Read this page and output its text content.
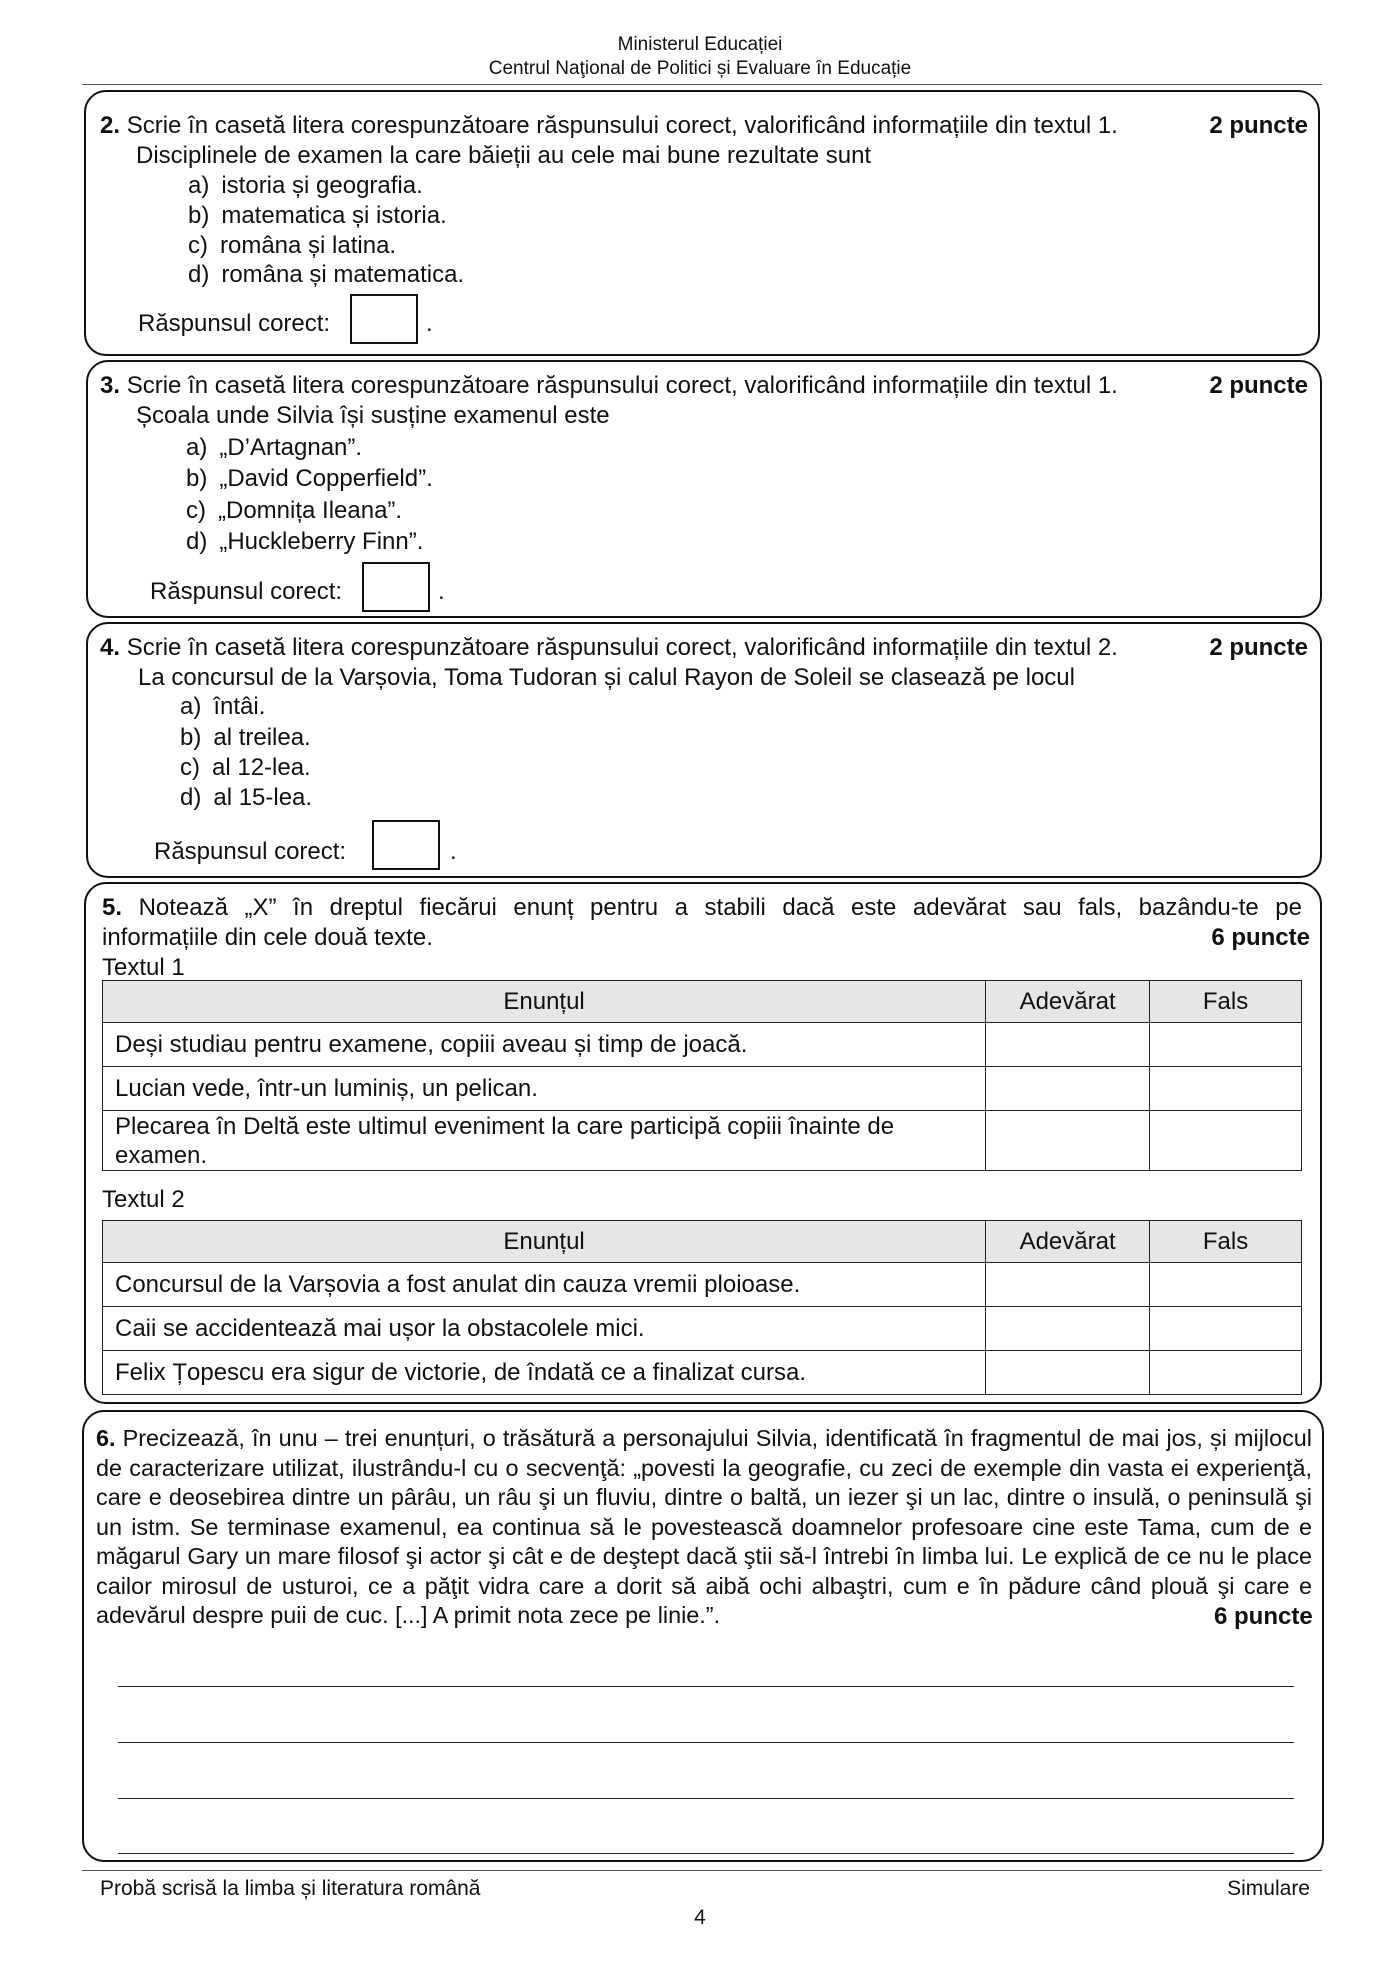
Ministerul Educației
Centrul Naţional de Politici și Evaluare în Educație
2. Scrie în casetă litera corespunzătoare răspunsului corect, valorificând informațiile din textul 1.	2 puncte
Disciplinele de examen la care băieții au cele mai bune rezultate sunt
a) istoria și geografia.
b) matematica și istoria.
c) româna și latina.
d) româna și matematica.
Răspunsul corect:	.
3. Scrie în casetă litera corespunzătoare răspunsului corect, valorificând informațiile din textul 1.	2 puncte
Școala unde Silvia își susține examenul este
a) „D’Artagnan”.
b) „David Copperfield”.
c) „Domnița Ileana”.
d) „Huckleberry Finn”.
Răspunsul corect:	.
4. Scrie în casetă litera corespunzătoare răspunsului corect, valorificând informațiile din textul 2.	2 puncte
La concursul de la Varșovia, Toma Tudoran și calul Rayon de Soleil se clasează pe locul
a) întâi.
b) al treilea.
c) al 12-lea.
d) al 15-lea.
Răspunsul corect:	.
5. Notează „X” în dreptul fiecărui enunț pentru a stabili dacă este adevărat sau fals, bazându-te pe
informațiile din cele două texte.	6 puncte
Textul 1
Enunțul	Adevărat	Fals
Deși studiau pentru examene, copiii aveau și timp de joacă.		
Lucian vede, într-un luminiș, un pelican.		
Plecarea în Deltă este ultimul eveniment la care participă copiii înainte de examen.		
Textul 2
Enunțul	Adevărat	Fals
Concursul de la Varșovia a fost anulat din cauza vremii ploioase.		
Caii se accidentează mai ușor la obstacolele mici.		
Felix Țopescu era sigur de victorie, de îndată ce a finalizat cursa.		
6. Precizează, în unu – trei enunțuri, o trăsătură a personajului Silvia, identificată în fragmentul de mai jos, și mijlocul de caracterizare utilizat, ilustrându-l cu o secvenţă: „povesti la geografie, cu zeci de exemple din vasta ei experienţă, care e deosebirea dintre un pârâu, un râu şi un fluviu, dintre o baltă, un iezer şi un lac, dintre o insulă, o peninsulă şi un istm. Se terminase examenul, ea continua să le povestească doamnelor profesoare cine este Tama, cum de e măgarul Gary un mare filosof şi actor şi cât e de deştept dacă ştii să-l întrebi în limba lui. Le explică de ce nu le place cailor mirosul de usturoi, ce a păţit vidra care a dorit să aibă ochi albaştri, cum e în pădure când plouă şi care e adevărul despre puii de cuc. [...] A primit nota zece pe linie.”.	6 puncte
Probă scrisă la limba și literatura română	Simulare
4
